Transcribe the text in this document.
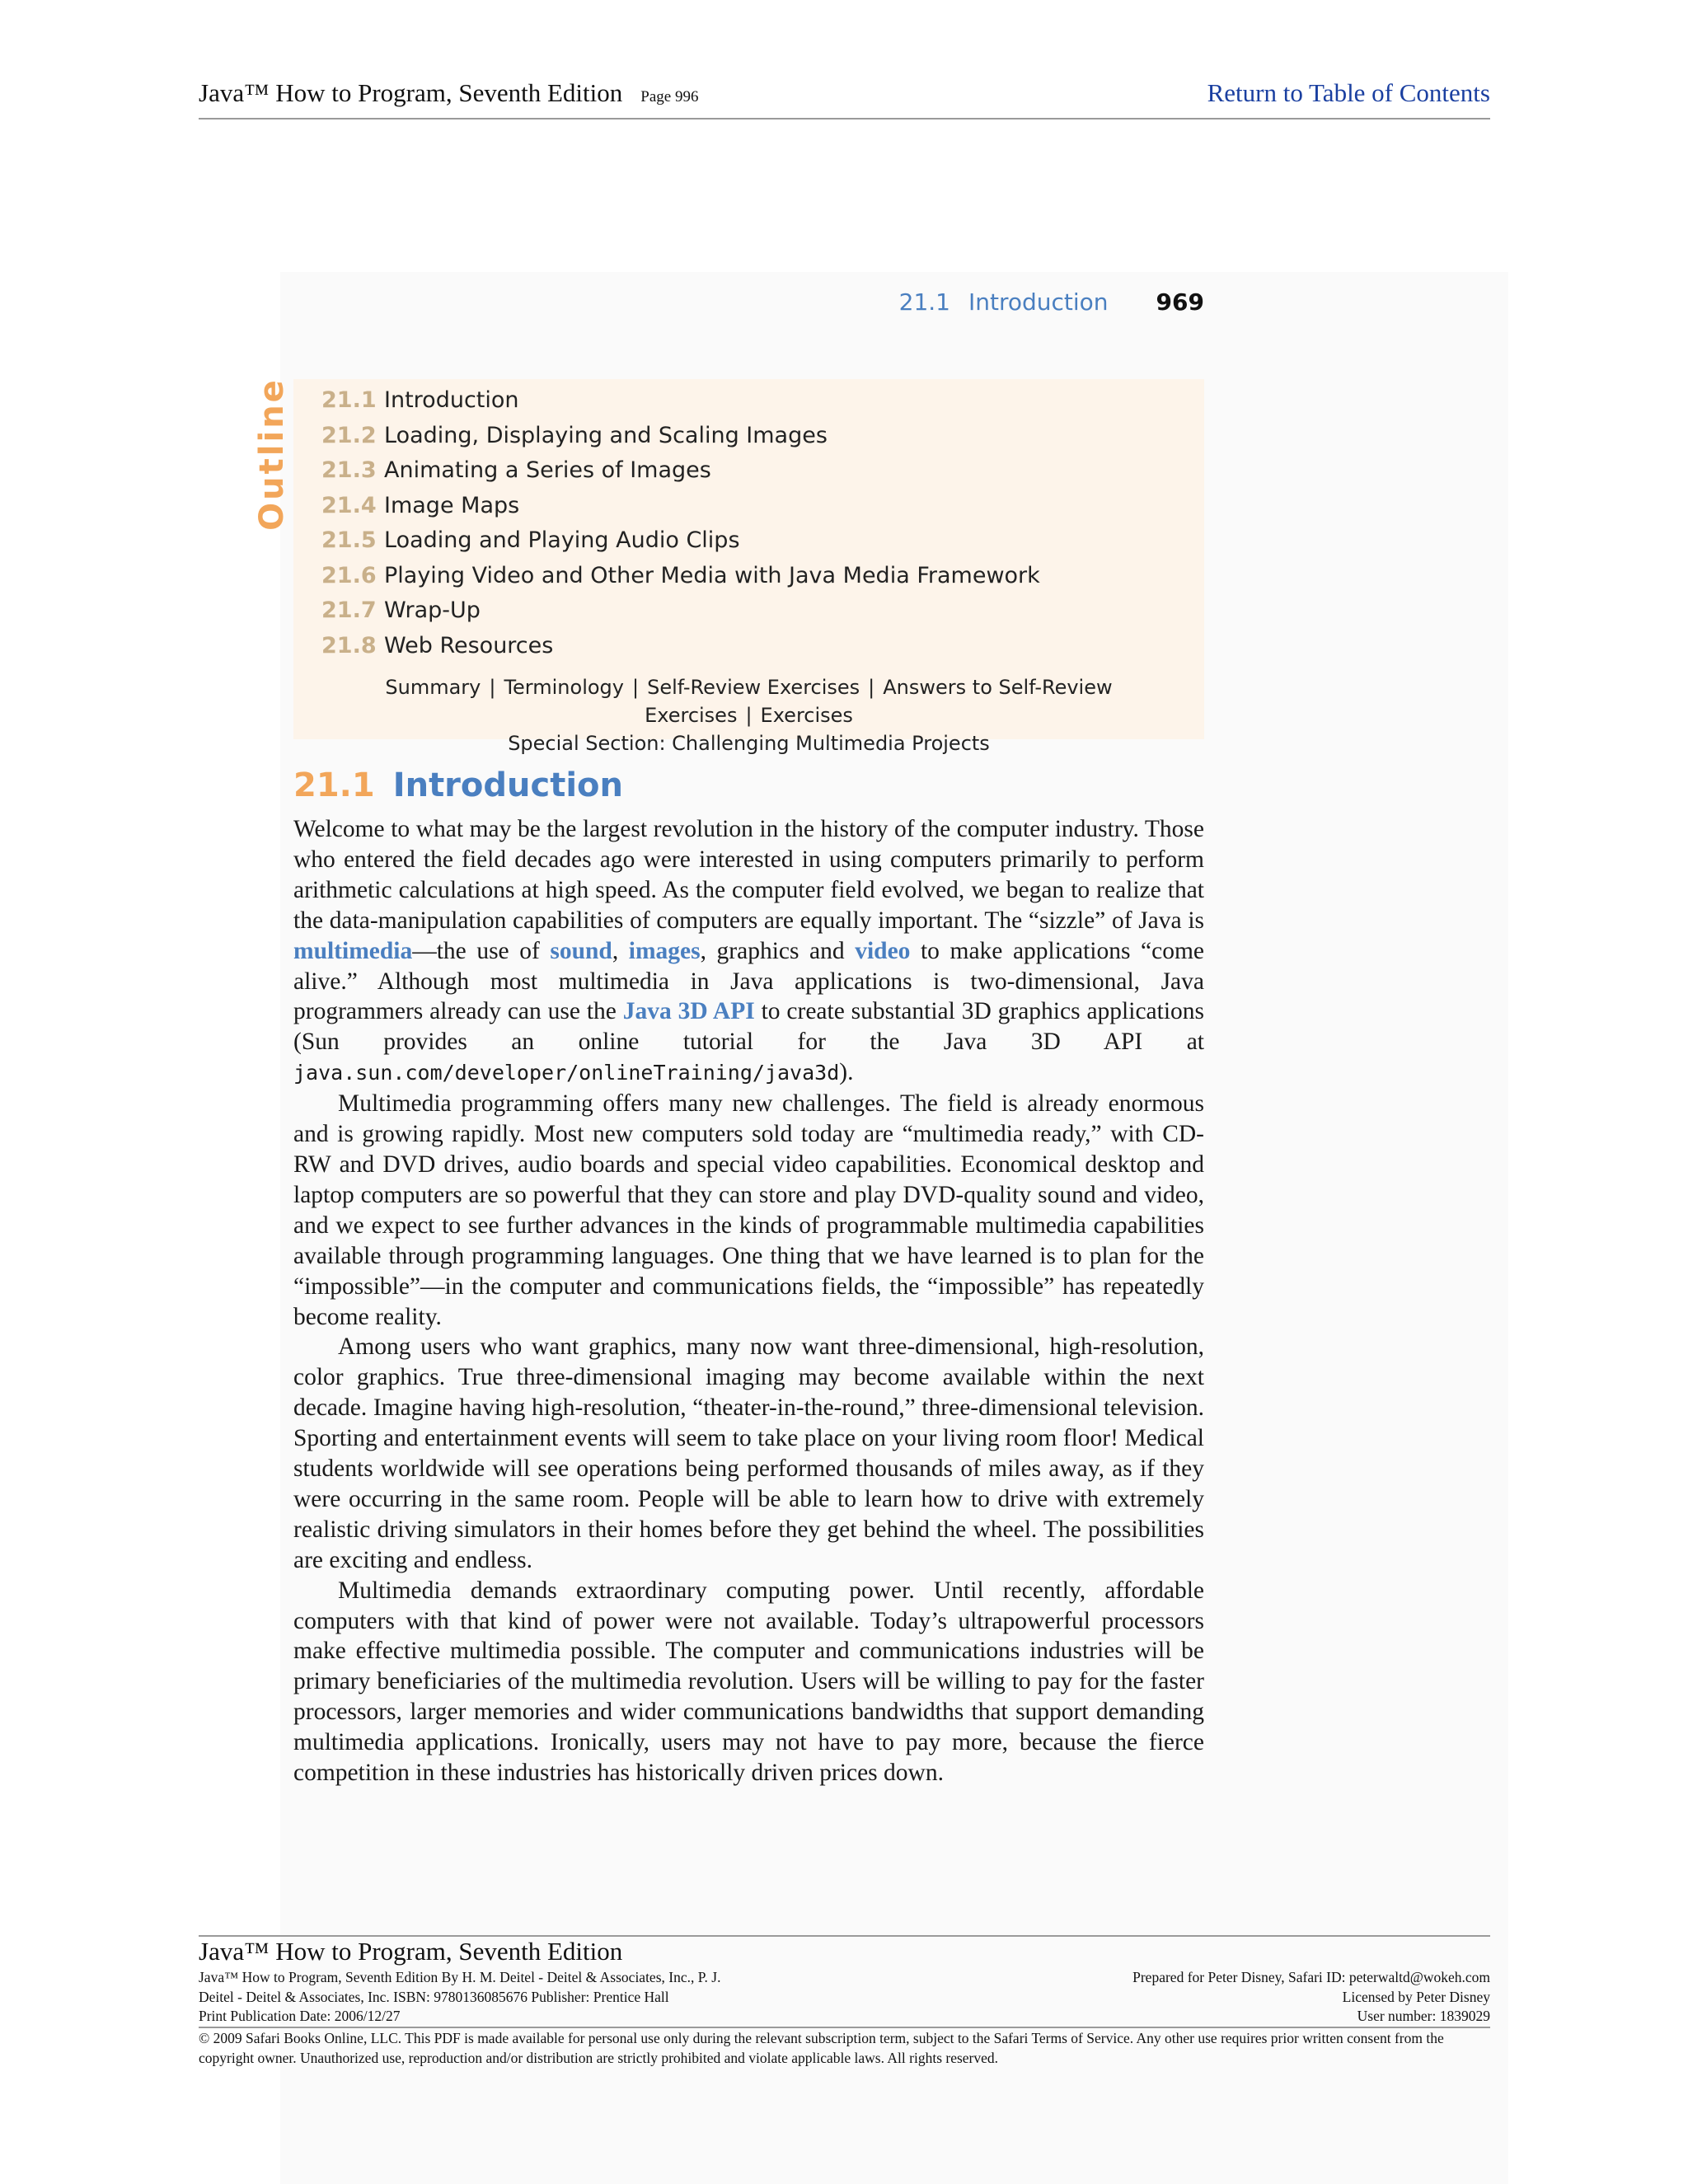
Java™ How to Program, Seventh Edition Page 996	Return to Table of Contents
21.1 Introduction 969
Outline 21.1 Introduction
21.2 Loading, Displaying and Scaling Images
21.3 Animating a Series of Images
21.4 Image Maps
21.5 Loading and Playing Audio Clips
21.6 Playing Video and Other Media with Java Media Framework
21.7 Wrap-Up
21.8 Web Resources
Summary | Terminology | Self-Review Exercises | Answers to Self-Review Exercises | Exercises
Special Section: Challenging Multimedia Projects
21.1 Introduction

Welcome to what may be the largest revolution in the history of the computer industry. Those who entered the field decades ago were interested in using computers primarily to perform arithmetic calculations at high speed. As the computer field evolved, we began to realize that the data-manipulation capabilities of computers are equally important. The “sizzle” of Java is multimedia—the use of sound, images, graphics and video to make applications “come alive.” Although most multimedia in Java applications is two-dimensional, Java programmers already can use the Java 3D API to create substantial 3D graphics applications (Sun provides an online tutorial for the Java 3D API at java.sun.com/developer/onlineTraining/java3d).

Multimedia programming offers many new challenges. The field is already enormous and is growing rapidly. Most new computers sold today are “multimedia ready,” with CD-RW and DVD drives, audio boards and special video capabilities. Economical desktop and laptop computers are so powerful that they can store and play DVD-quality sound and video, and we expect to see further advances in the kinds of programmable multimedia capabilities available through programming languages. One thing that we have learned is to plan for the “impossible”—in the computer and communications fields, the “impossible” has repeatedly become reality.

Among users who want graphics, many now want three-dimensional, high-resolution, color graphics. True three-dimensional imaging may become available within the next decade. Imagine having high-resolution, “theater-in-the-round,” three-dimensional television. Sporting and entertainment events will seem to take place on your living room floor! Medical students worldwide will see operations being performed thousands of miles away, as if they were occurring in the same room. People will be able to learn how to drive with extremely realistic driving simulators in their homes before they get behind the wheel. The possibilities are exciting and endless.

Multimedia demands extraordinary computing power. Until recently, affordable computers with that kind of power were not available. Today’s ultrapowerful processors make effective multimedia possible. The computer and communications industries will be primary beneficiaries of the multimedia revolution. Users will be willing to pay for the faster processors, larger memories and wider communications bandwidths that support demanding multimedia applications. Ironically, users may not have to pay more, because the fierce competition in these industries has historically driven prices down.

Java™ How to Program, Seventh Edition
Java™ How to Program, Seventh Edition By H. M. Deitel - Deitel & Associates, Inc., P. J.
Deitel - Deitel & Associates, Inc. ISBN: 9780136085676 Publisher: Prentice Hall
Print Publication Date: 2006/12/27
Prepared for Peter Disney, Safari ID: peterwaltd@wokeh.com
Licensed by Peter Disney
User number: 1839029
© 2009 Safari Books Online, LLC. This PDF is made available for personal use only during the relevant subscription term, subject to the Safari Terms of Service. Any other use requires prior written consent from the copyright owner. Unauthorized use, reproduction and/or distribution are strictly prohibited and violate applicable laws. All rights reserved.
